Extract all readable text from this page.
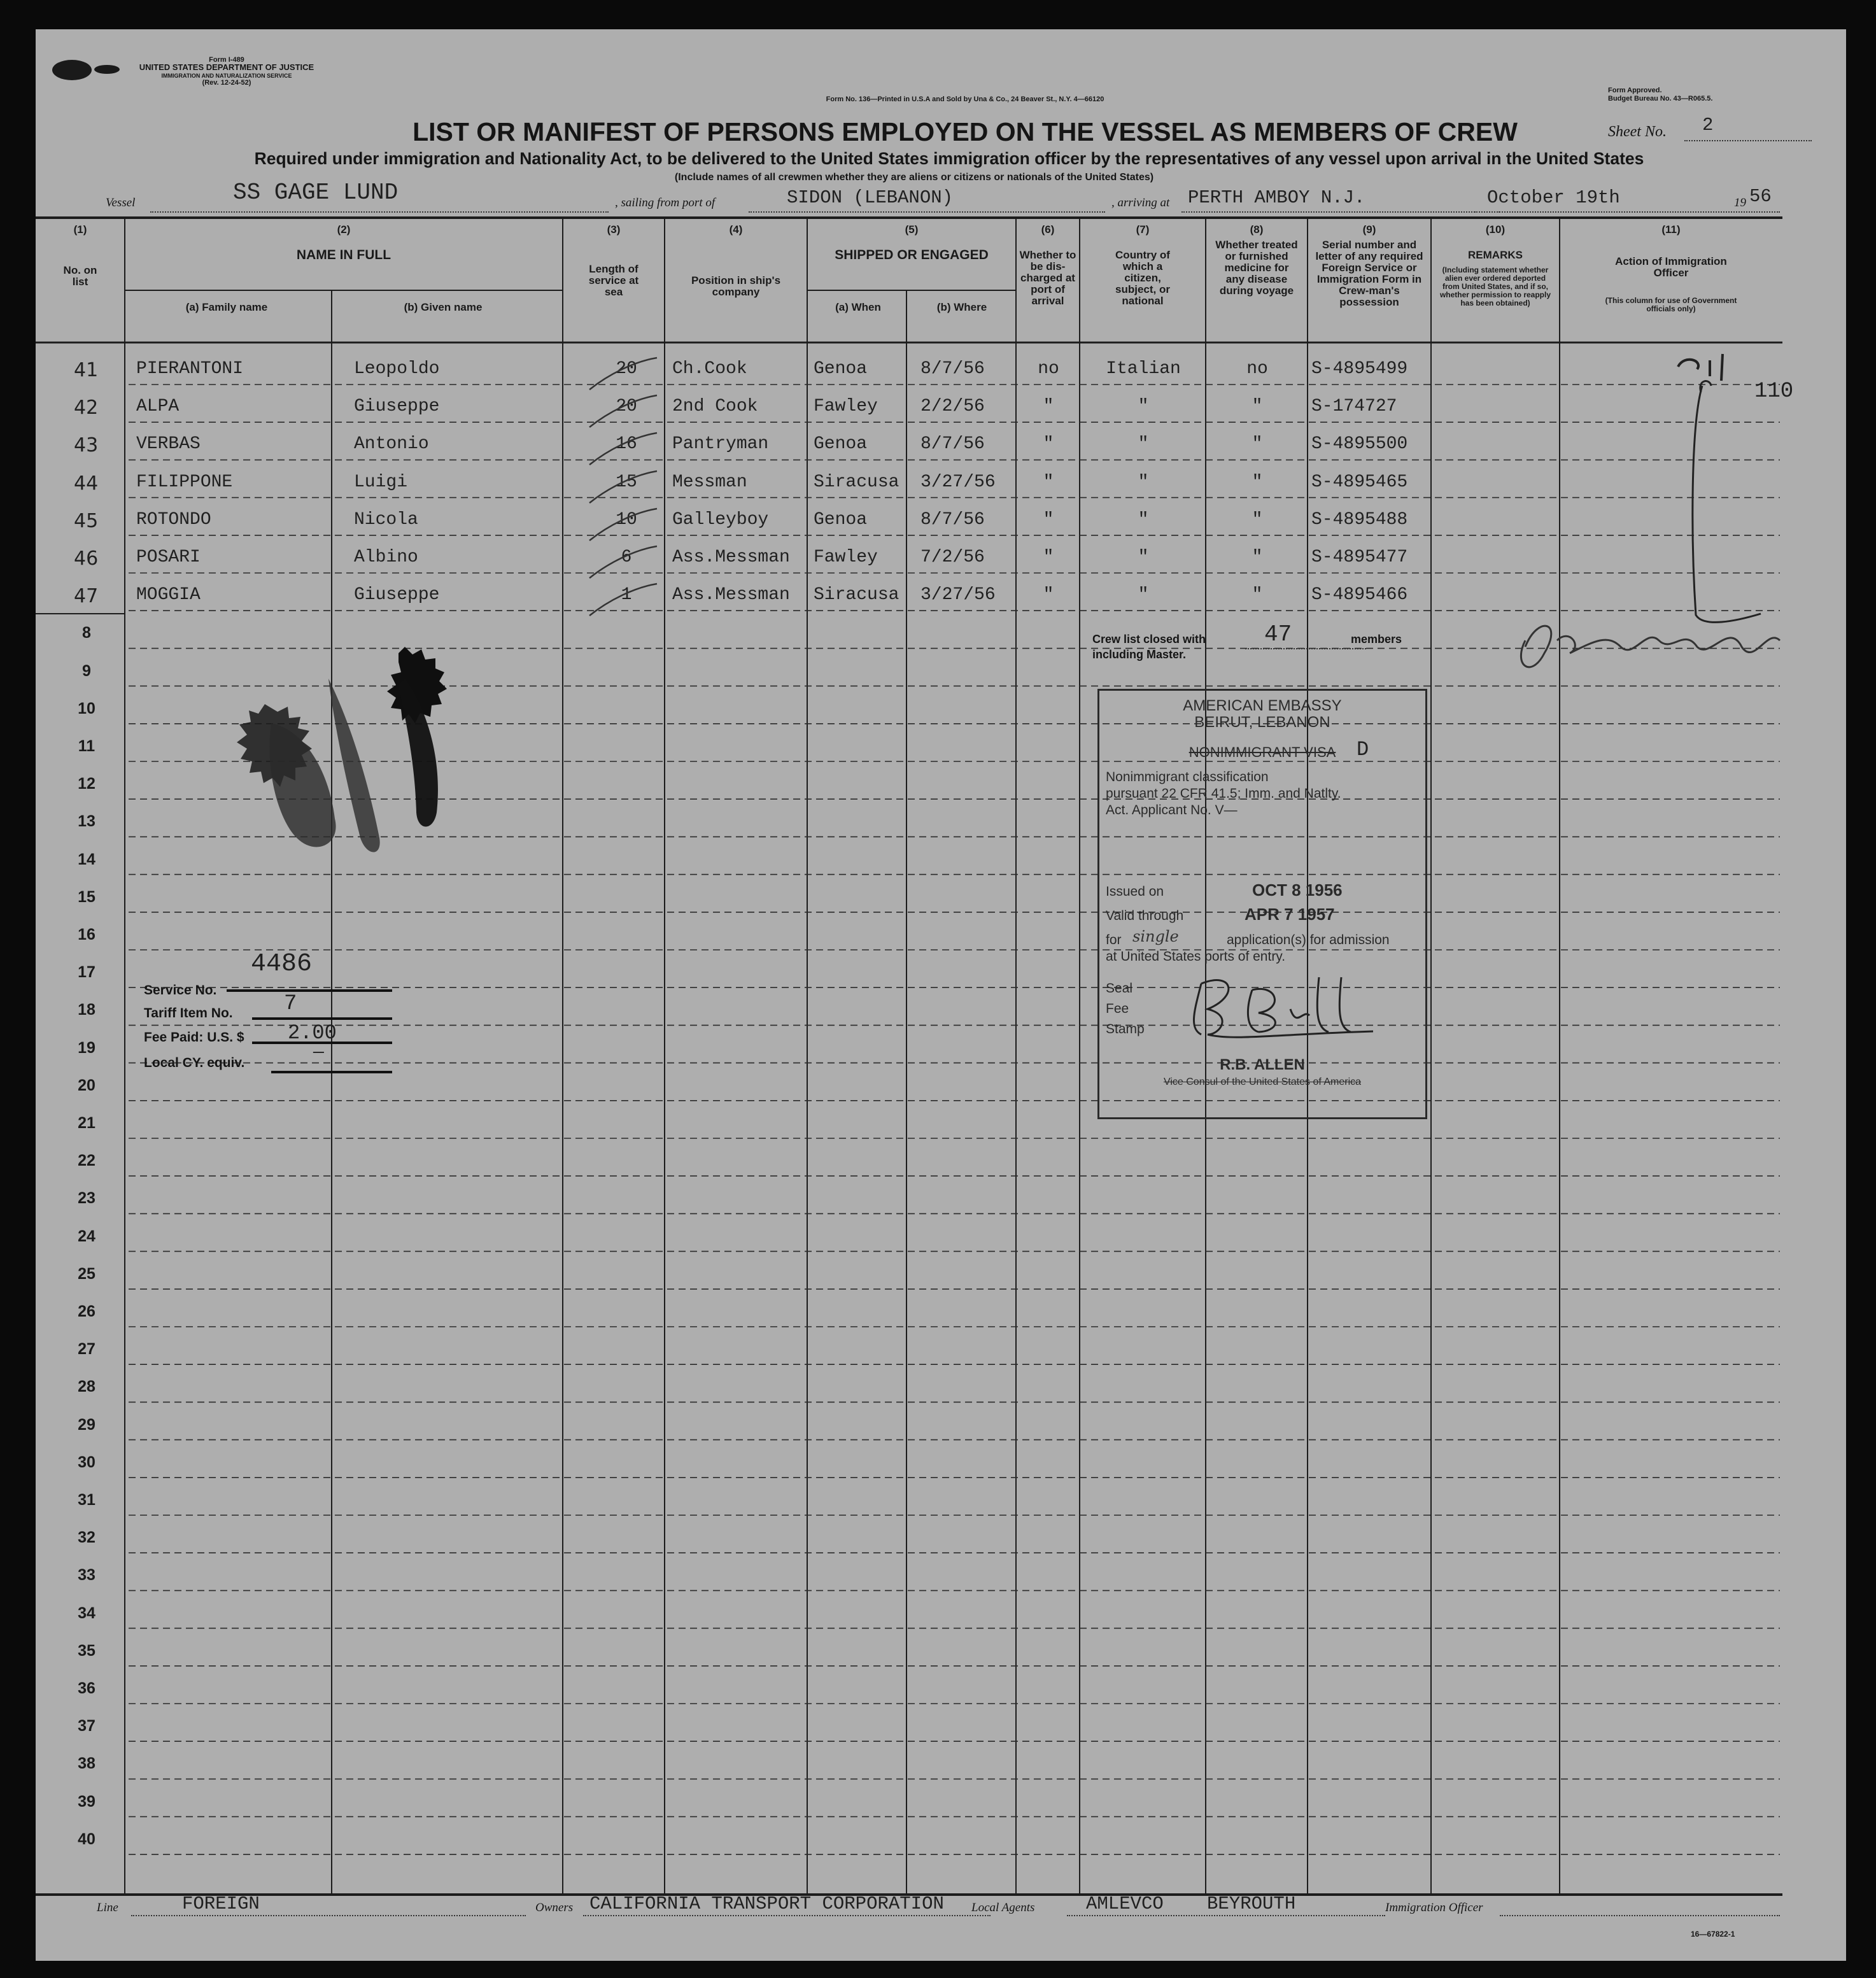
Form I-489
UNITED STATES DEPARTMENT OF JUSTICE
IMMIGRATION AND NATURALIZATION SERVICE
(Rev. 12-24-52)
Form No. 136—Printed in U.S.A and Sold by Una & Co., 24 Beaver St., N.Y. 4—66120
Form Approved.
Budget Bureau No. 43—R065.5.
LIST OR MANIFEST OF PERSONS EMPLOYED ON THE VESSEL AS MEMBERS OF CREW	Sheet No. 2
Required under immigration and Nationality Act, to be delivered to the United States immigration officer by the representatives of any vessel upon arrival in the United States
(Include names of all crewmen whether they are aliens or citizens or nationals of the United States)
Vessel	SS GAGE LUND	, sailing from port of	SIDON (LEBANON)	, arriving at PERTH AMBOY N.J.	October 19th	19 56
(1)
No. on list
(2)
NAME IN FULL
(a) Family name	(b) Given name
(3)
Length of service at sea
(4)
Position in ship's company
(5)
SHIPPED OR ENGAGED
(a) When	(b) Where
(6)
Whether to be dis-charged at port of arrival
(7)
Country of which a citizen, subject, or national
(8)
Whether treated or furnished medicine for any disease during voyage
(9)
Serial number and letter of any required Foreign Service or Immigration Form in Crew-man's possession
(10)
REMARKS
(Including statement whether alien ever ordered deported from United States, and if so, whether permission to reapply has been obtained)
(11)
Action of Immigration Officer
(This column for use of Government officials only)
41	PIERANTONI	Leopoldo	20	Ch.Cook	Genoa	8/7/56	no	Italian	no	S-4895499
42	ALPA	Giuseppe	20	2nd Cook	Fawley 2/2/56	"	"	"	S-174727
43	VERBAS	Antonio	16	Pantryman	Genoa	8/7/56	"	"	"	S-4895500
44	FILIPPONE	Luigi	15	Messman	Siracusa 3/27/56	"	"	"	S-4895465
45	ROTONDO	Nicola	10	Galleyboy	Genoa	8/7/56	"	"	"	S-4895488
46	POSARI	Albino	6	Ass.Messman Fawley 7/2/56	"	"	"	S-4895477
47	MOGGIA	Giuseppe	1	Ass.Messman Siracusa 3/27/56	"	"	"	S-4895466
8
9
10
11
12
13
14
15
16
17
18
19
20
21
22
23
24
25
26
27
28
29
30
31
32
33
34
35
36
37
38
39
40
110
Crew list closed with	47	members
including Master.
Service No.
4486
Tariff Item No. 7
Fee Paid: U.S. $ 2.00
Local CY. equiv.
—
AMERICAN EMBASSY
BEIRUT, LEBANON
NONIMMIGRANT VISA	D
Nonimmigrant classification
pursuant 22 CFR 41.5; Imm. and Natlty.
Act. Applicant No. V—
Issued on	OCT 8 1956
Valid through	APR 7 1957
for single	application(s) for admission
at United States ports of entry.
Seal
Fee
Stamp
R.B. ALLEN
Vice Consul of the United States of America
Line	FOREIGN	Owners CALIFORNIA TRANSPORT CORPORATION Local Agents	AMLEVCO BEYROUTH	Immigration Officer
16—67822-1
